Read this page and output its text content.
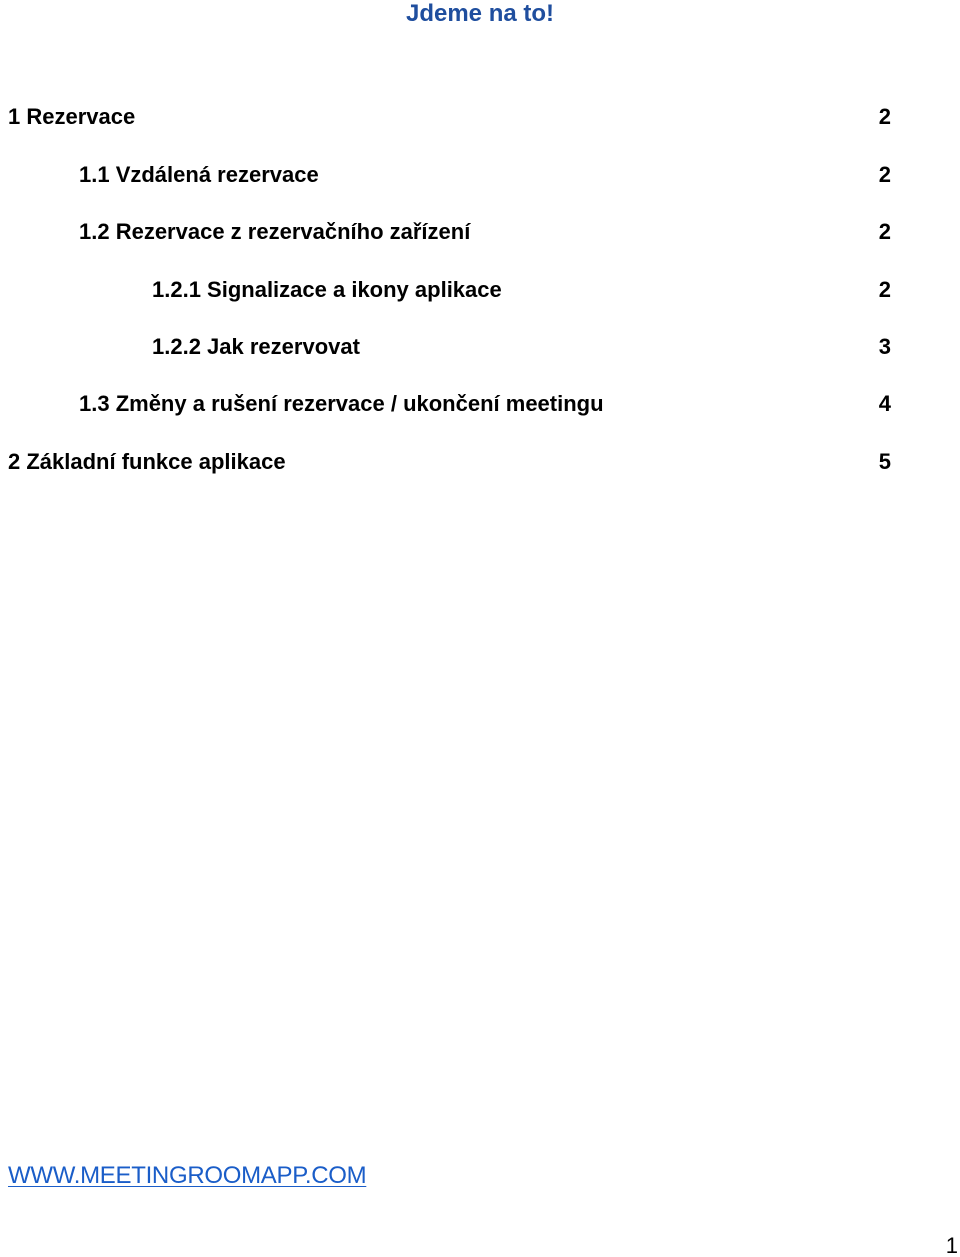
Jdeme na to!
1 Rezervace	2
1.1 Vzdálená rezervace	2
1.2 Rezervace z rezervačního zařízení	2
1.2.1 Signalizace a ikony aplikace	2
1.2.2 Jak rezervovat	3
1.3 Změny a rušení rezervace / ukončení meetingu	4
2 Základní funkce aplikace	5
WWW.MEETINGROOMAPP.COM
1
